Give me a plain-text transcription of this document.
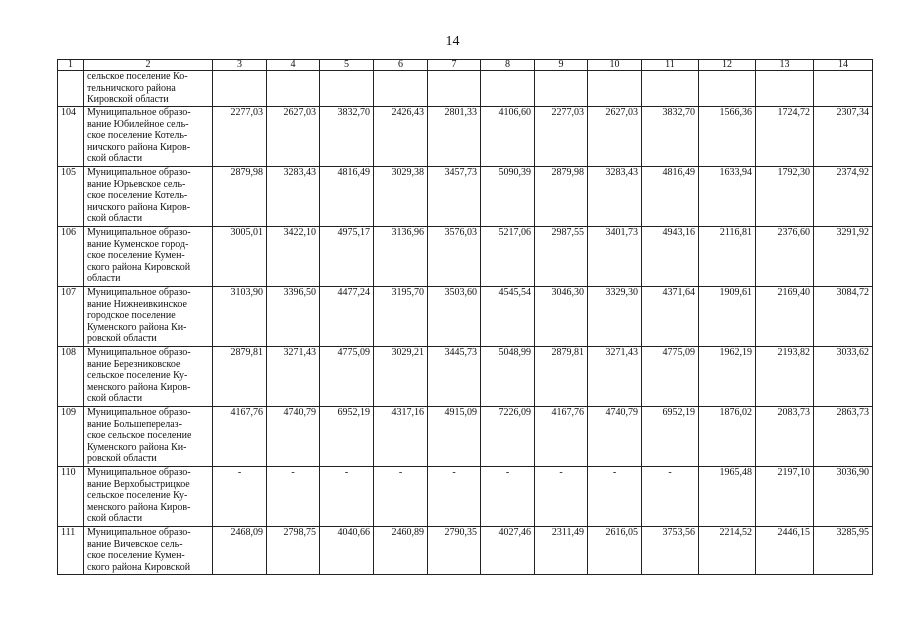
14
1	2	3	4	5	6	7	8	9	10	11	12	13	14

	сельское поселение Ко-
тельничского района
Кировской области												

104	Муниципальное образо-
вание Юбилейное сель-
ское поселение Котель-
ничского района Киров-
ской области	2277,03	2627,03	3832,70	2426,43	2801,33	4106,60	2277,03	2627,03	3832,70	1566,36	1724,72	2307,34
105	Муниципальное образо-
вание Юрьевское сель-
ское поселение Котель-
ничского района Киров-
ской области	2879,98	3283,43	4816,49	3029,38	3457,73	5090,39	2879,98	3283,43	4816,49	1633,94	1792,30	2374,92
106	Муниципальное образо-
вание Куменское город-
ское поселение Кумен-
ского района Кировской
области	3005,01	3422,10	4975,17	3136,96	3576,03	5217,06	2987,55	3401,73	4943,16	2116,81	2376,60	3291,92
107	Муниципальное образо-
вание Нижнеивкинское
городское поселение
Куменского района Ки-
ровской области	3103,90	3396,50	4477,24	3195,70	3503,60	4545,54	3046,30	3329,30	4371,64	1909,61	2169,40	3084,72
108	Муниципальное образо-
вание Березниковское
сельское поселение Ку-
менского района Киров-
ской области	2879,81	3271,43	4775,09	3029,21	3445,73	5048,99	2879,81	3271,43	4775,09	1962,19	2193,82	3033,62
109	Муниципальное образо-
вание Большеперелаз-
ское сельское поселение
Куменского района Ки-
ровской области	4167,76	4740,79	6952,19	4317,16	4915,09	7226,09	4167,76	4740,79	6952,19	1876,02	2083,73	2863,73
110	Муниципальное образо-
вание Верхобыстрицкое
сельское поселение Ку-
менского района Киров-
ской области	-	-	-	-	-	-	-	-	-	1965,48	2197,10	3036,90
111	Муниципальное образо-
вание Вичевское сель-
ское поселение Кумен-
ского района Кировской	2468,09	2798,75	4040,66	2460,89	2790,35	4027,46	2311,49	2616,05	3753,56	2214,52	2446,15	3285,95
